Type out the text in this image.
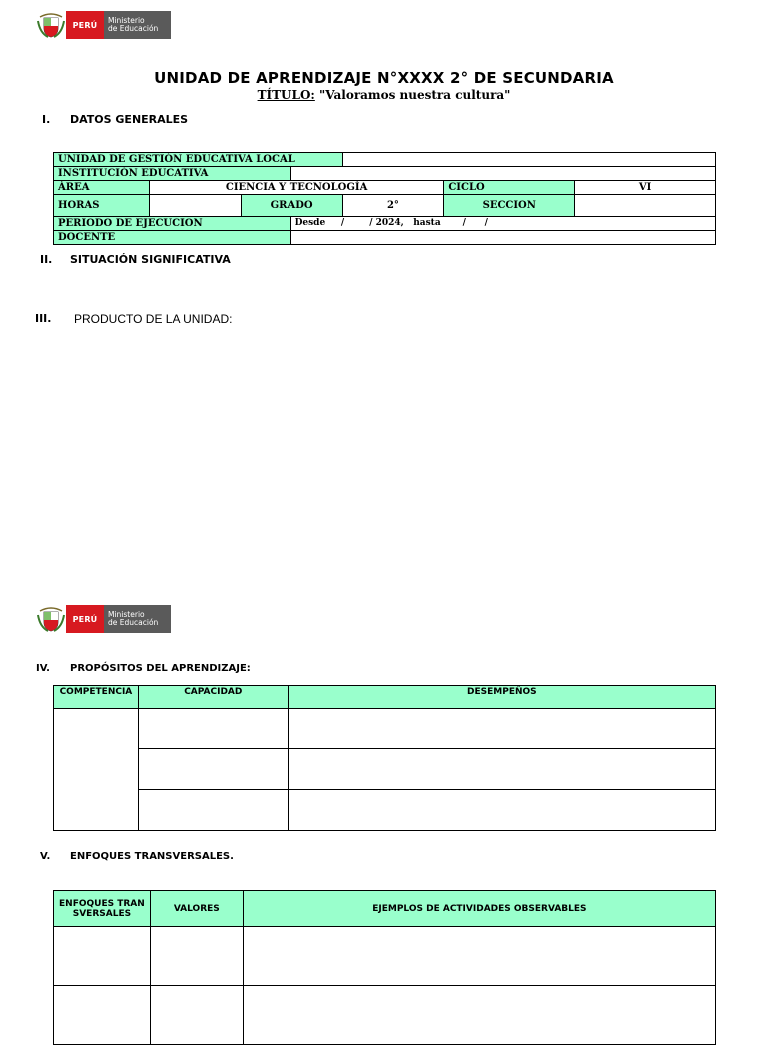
PERÚ	Ministerio
de Educación
UNIDAD DE APRENDIZAJE N°XXXX 2° DE SECUNDARIA
TÍTULO: "Valoramos nuestra cultura"
I. DATOS GENERALES
UNIDAD DE GESTIÓN EDUCATIVA LOCAL						
INSTITUCIÓN EDUCATIVA						
ÁREA	CIENCIA Y TECNOLOGÍA				CICLO	VI
HORAS		GRADO		2°	SECCION	
PERIODO DE EJECUCION			Desde     /        / 2024,   hasta       /      /			
DOCENTE						
II. SITUACIÓN SIGNIFICATIVA
III. PRODUCTO DE LA UNIDAD:
PERÚ	Ministerio
de Educación
IV. PROPÓSITOS DEL APRENDIZAJE:
COMPETENCIA	CAPACIDAD	DESEMPEÑOS

V. ENFOQUES TRANSVERSALES.
ENFOQUES TRANSVERSALES	VALORES	EJEMPLOS DE ACTIVIDADES OBSERVABLES
